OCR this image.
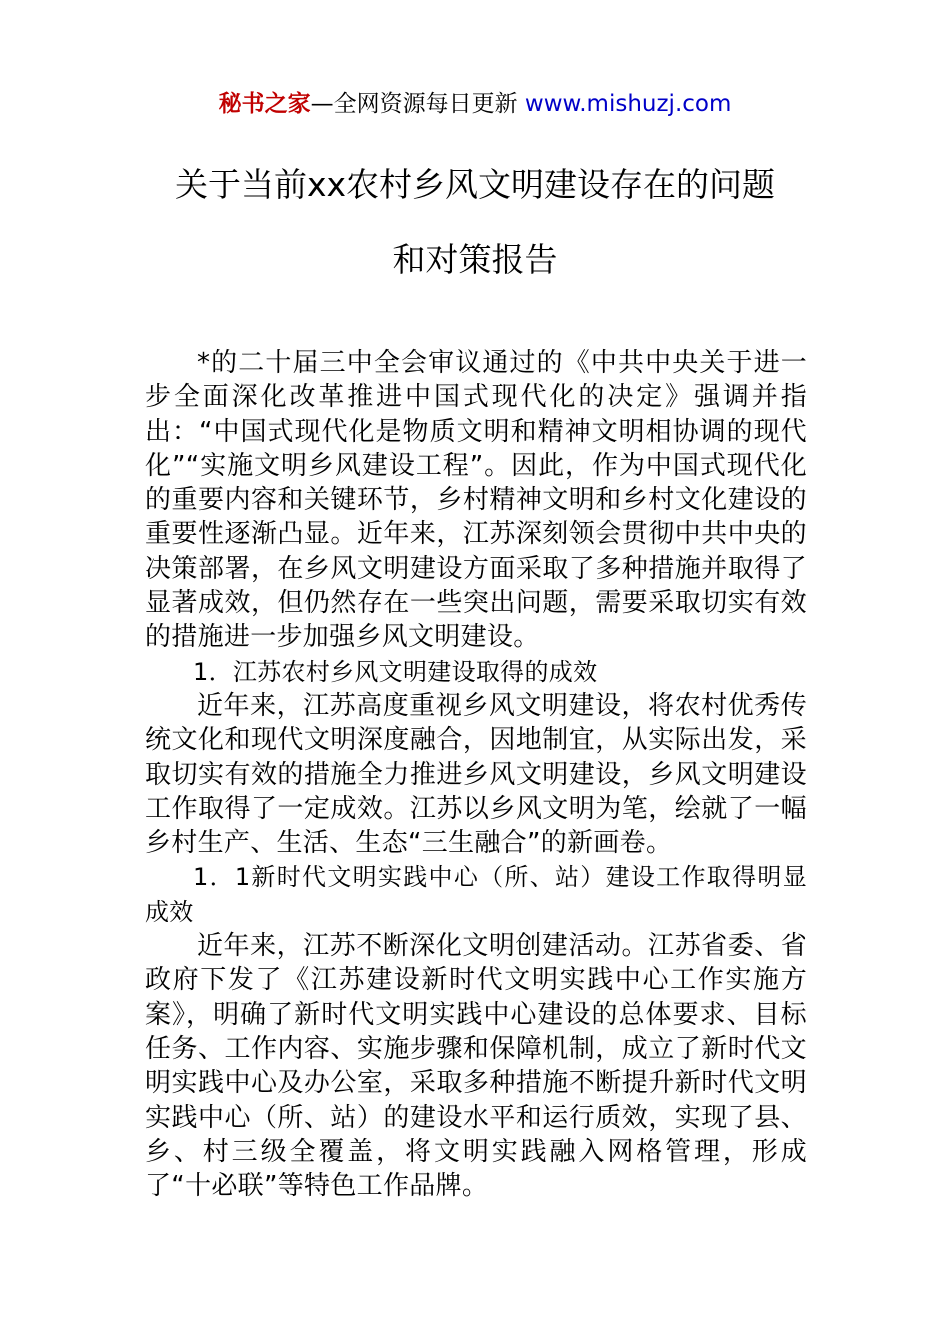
秘书之家—全网资源每日更新 www.mishuzj.com
关于当前xx农村乡风文明建设存在的问题
和对策报告

*的二十届三中全会审议通过的《中共中央关于进一步全面深化改革推进中国式现代化的决定》强调并指出：“中国式现代化是物质文明和精神文明相协调的现代化”“实施文明乡风建设工程”。因此，作为中国式现代化的重要内容和关键环节，乡村精神文明和乡村文化建设的重要性逐渐凸显。近年来，江苏深刻领会贯彻中共中央的决策部署，在乡风文明建设方面采取了多种措施并取得了显著成效，但仍然存在一些突出问题，需要采取切实有效的措施进一步加强乡风文明建设。

1．江苏农村乡风文明建设取得的成效

近年来，江苏高度重视乡风文明建设，将农村优秀传统文化和现代文明深度融合，因地制宜，从实际出发，采取切实有效的措施全力推进乡风文明建设，乡风文明建设工作取得了一定成效。江苏以乡风文明为笔，绘就了一幅乡村生产、生活、生态“三生融合”的新画卷。

1．1新时代文明实践中心（所、站）建设工作取得明显成效

近年来，江苏不断深化文明创建活动。江苏省委、省政府下发了《江苏建设新时代文明实践中心工作实施方案》，明确了新时代文明实践中心建设的总体要求、目标任务、工作内容、实施步骤和保障机制，成立了新时代文明实践中心及办公室，采取多种措施不断提升新时代文明实践中心（所、站）的建设水平和运行质效，实现了县、乡、村三级全覆盖，将文明实践融入网格管理，形成了“十必联”等特色工作品牌。
